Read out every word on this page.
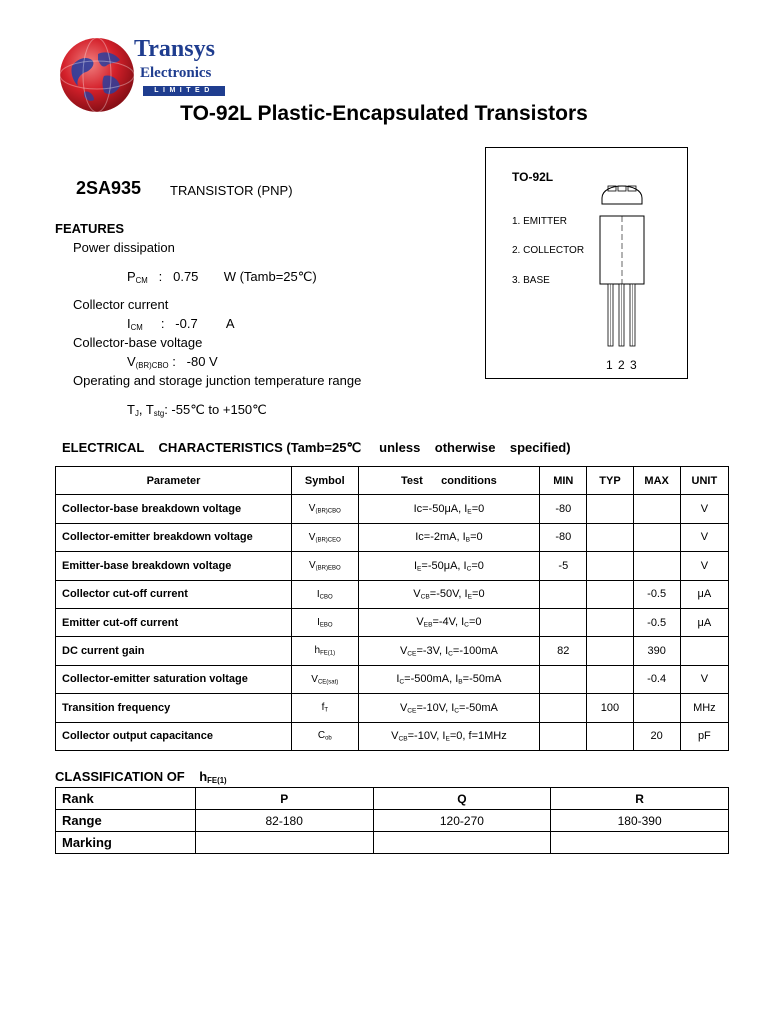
Transys
Electronics
LIMITED
TO-92L Plastic-Encapsulated Transistors
2SA935 TRANSISTOR (PNP)
FEATURES
Power dissipation
$P_{CM}$ :   0.75       W (Tamb=25℃)
Collector current
$I_{CM}$ :   -0.7        A
Collector-base voltage
$V_{(BR)CBO}$ :   -80 V
Operating and storage junction temperature range
$T_J$, $T_{stg}$: -55℃ to +150℃
TO-92L
1. EMITTER
2. COLLECTOR
3. BASE
1 2 3
ELECTRICAL    CHARACTERISTICS (Tamb=25℃     unless    otherwise    specified)
Parameter	Symbol	Test      conditions	MIN	TYP	MAX	UNIT
Collector-base breakdown voltage	$V_{(BR)CBO}$	Ic=-50μA, $I_E=0$	-80			V
Collector-emitter breakdown voltage	$V_{(BR)CEO}$	Ic=-2mA, $I_B=0$	-80			V
Emitter-base breakdown voltage	$V_{(BR)EBO}$	$I_E=-50\mu A$, $I_C=0$	-5			V
Collector cut-off current	$I_{CBO}$	$V_{CB}=-50V$, $I_E=0$			-0.5	μA
Emitter cut-off current	$I_{EBO}$	$V_{EB}=-4V$, $I_C=0$			-0.5	μA
DC current gain	$h_{FE(1)}$	$V_{CE}=-3V$, $I_C=-100mA$	82		390	
Collector-emitter saturation voltage	$V_{CE(sat)}$	$I_C=-500mA$, $I_B=-50mA$			-0.4	V
Transition frequency	$f_T$	$V_{CE}=-10V$, $I_C=-50mA$		100		MHz
Collector output capacitance	$C_{ob}$	$V_{CB}=-10V$, $I_E=0$, f=1MHz			20	pF
CLASSIFICATION OF    $h_{FE(1)}$
Rank	P	Q	R
Range	82-180	120-270	180-390
Marking			
